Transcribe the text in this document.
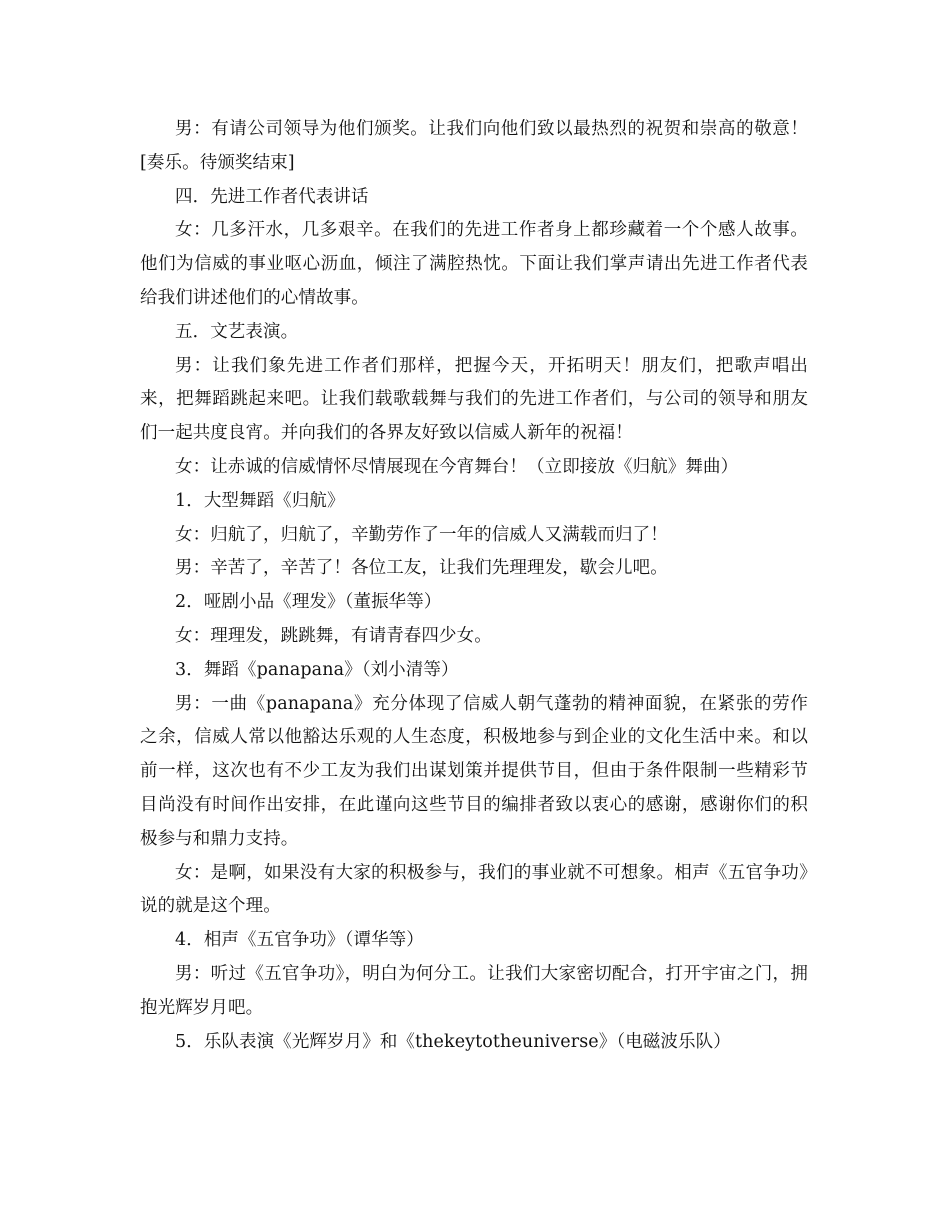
男：有请公司领导为他们颁奖。让我们向他们致以最热烈的祝贺和崇高的敬意！[奏乐。待颁奖结束]

四．先进工作者代表讲话

女：几多汗水，几多艰辛。在我们的先进工作者身上都珍藏着一个个感人故事。他们为信威的事业呕心沥血，倾注了满腔热忱。下面让我们掌声请出先进工作者代表给我们讲述他们的心情故事。

五．文艺表演。

男：让我们象先进工作者们那样，把握今天，开拓明天！朋友们，把歌声唱出来，把舞蹈跳起来吧。让我们载歌载舞与我们的先进工作者们，与公司的领导和朋友们一起共度良宵。并向我们的各界友好致以信威人新年的祝福！

女：让赤诚的信威情怀尽情展现在今宵舞台！（立即接放《归航》舞曲）

1．大型舞蹈《归航》

女：归航了，归航了，辛勤劳作了一年的信威人又满载而归了！

男：辛苦了，辛苦了！各位工友，让我们先理理发，歇会儿吧。

2．哑剧小品《理发》（董振华等）

女：理理发，跳跳舞，有请青春四少女。

3．舞蹈《panapana》（刘小清等）

男：一曲《panapana》充分体现了信威人朝气蓬勃的精神面貌，在紧张的劳作之余，信威人常以他豁达乐观的人生态度，积极地参与到企业的文化生活中来。和以前一样，这次也有不少工友为我们出谋划策并提供节目，但由于条件限制一些精彩节目尚没有时间作出安排，在此谨向这些节目的编排者致以衷心的感谢，感谢你们的积极参与和鼎力支持。

女：是啊，如果没有大家的积极参与，我们的事业就不可想象。相声《五官争功》说的就是这个理。

4．相声《五官争功》（谭华等）

男：听过《五官争功》，明白为何分工。让我们大家密切配合，打开宇宙之门，拥抱光辉岁月吧。

5．乐队表演《光辉岁月》和《thekeytotheuniverse》（电磁波乐队）
